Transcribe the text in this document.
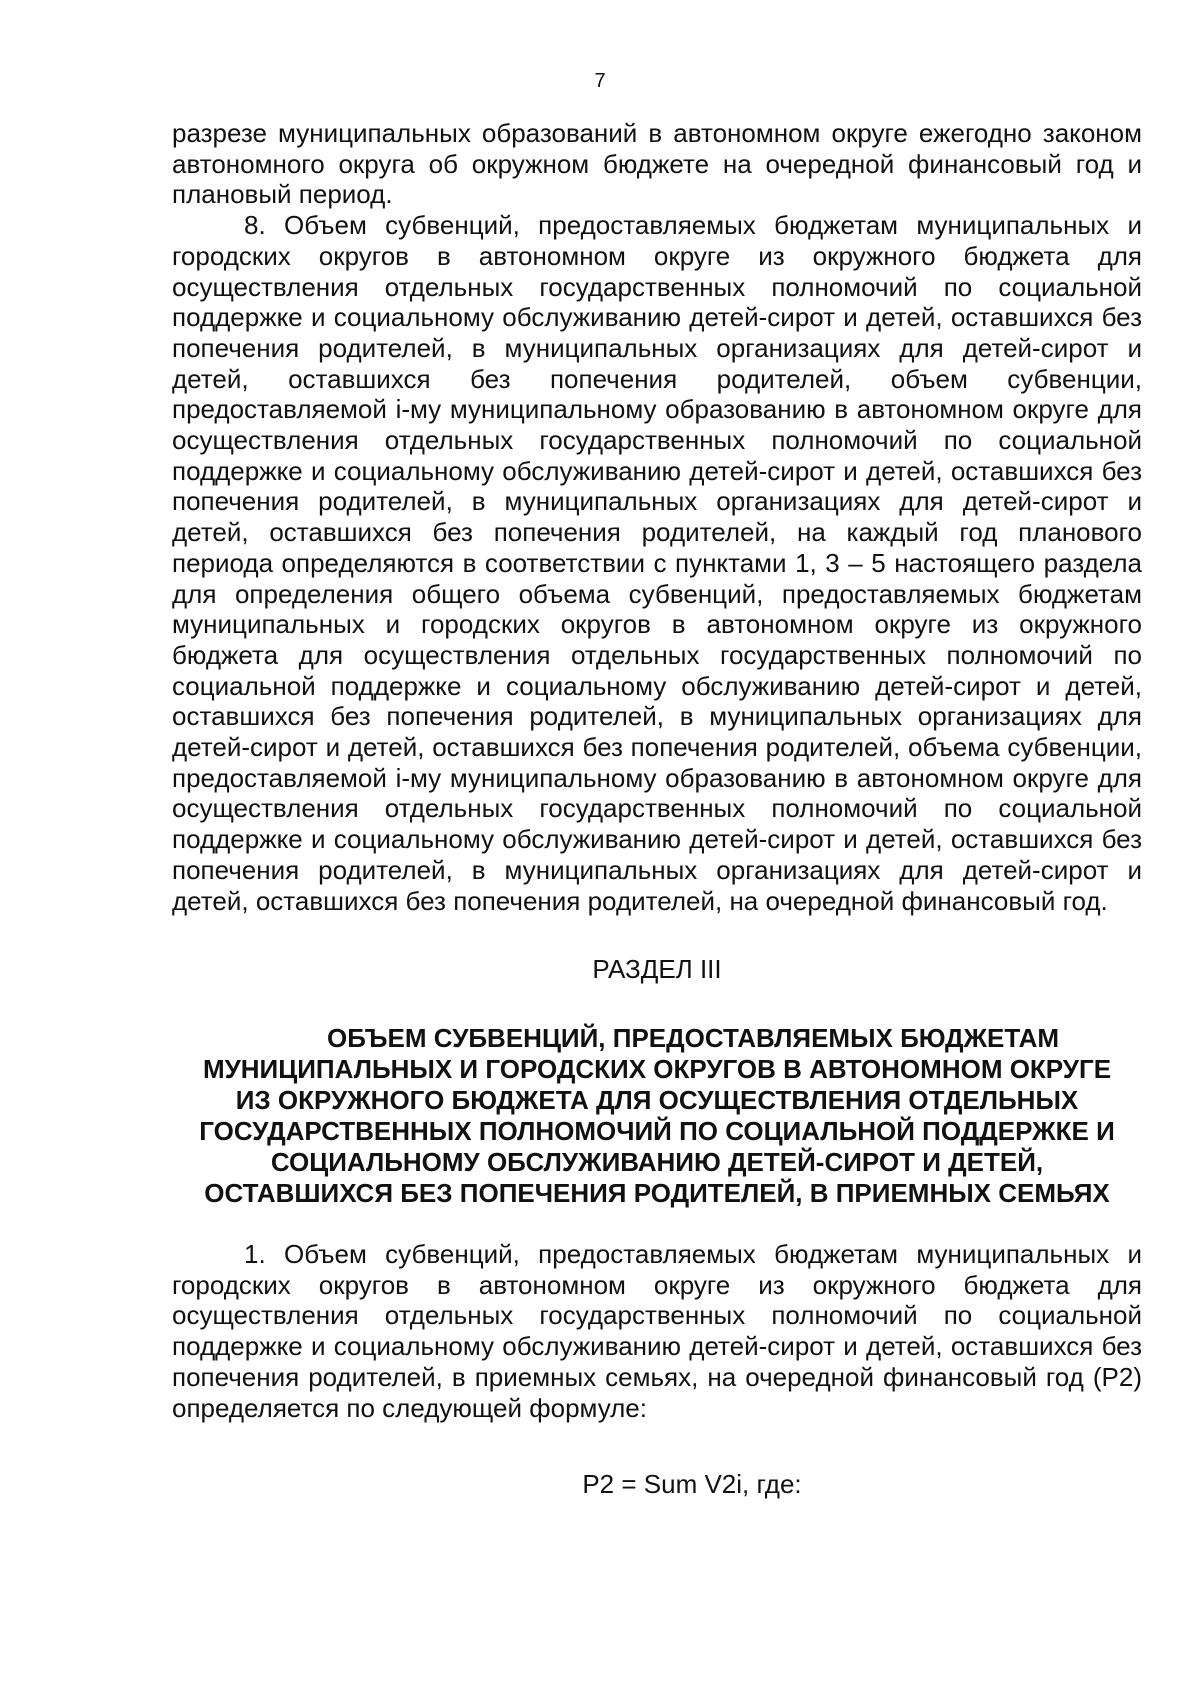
7

разрезе муниципальных образований в автономном округе ежегодно законом автономного округа об окружном бюджете на очередной финансовый год и плановый период.

8. Объем субвенций, предоставляемых бюджетам муниципальных и городских округов в автономном округе из окружного бюджета для осуществления отдельных государственных полномочий по социальной поддержке и социальному обслуживанию детей-сирот и детей, оставшихся без попечения родителей, в муниципальных организациях для детей-сирот и детей, оставшихся без попечения родителей, объем субвенции, предоставляемой i-му муниципальному образованию в автономном округе для осуществления отдельных государственных полномочий по социальной поддержке и социальному обслуживанию детей-сирот и детей, оставшихся без попечения родителей, в муниципальных организациях для детей-сирот и детей, оставшихся без попечения родителей, на каждый год планового периода определяются в соответствии с пунктами 1, 3 – 5 настоящего раздела для определения общего объема субвенций, предоставляемых бюджетам муниципальных и городских округов в автономном округе из окружного бюджета для осуществления отдельных государственных полномочий по социальной поддержке и социальному обслуживанию детей-сирот и детей, оставшихся без попечения родителей, в муниципальных организациях для детей-сирот и детей, оставшихся без попечения родителей, объема субвенции, предоставляемой i-му муниципальному образованию в автономном округе для осуществления отдельных государственных полномочий по социальной поддержке и социальному обслуживанию детей-сирот и детей, оставшихся без попечения родителей, в муниципальных организациях для детей-сирот и детей, оставшихся без попечения родителей, на очередной финансовый год.

РАЗДЕЛ III

ОБЪЕМ СУБВЕНЦИЙ, ПРЕДОСТАВЛЯЕМЫХ БЮДЖЕТАМ МУНИЦИПАЛЬНЫХ И ГОРОДСКИХ ОКРУГОВ В АВТОНОМНОМ ОКРУГЕ ИЗ ОКРУЖНОГО БЮДЖЕТА ДЛЯ ОСУЩЕСТВЛЕНИЯ ОТДЕЛЬНЫХ ГОСУДАРСТВЕННЫХ ПОЛНОМОЧИЙ ПО СОЦИАЛЬНОЙ ПОДДЕРЖКЕ И СОЦИАЛЬНОМУ ОБСЛУЖИВАНИЮ ДЕТЕЙ-СИРОТ И ДЕТЕЙ, ОСТАВШИХСЯ БЕЗ ПОПЕЧЕНИЯ РОДИТЕЛЕЙ, В ПРИЕМНЫХ СЕМЬЯХ

1. Объем субвенций, предоставляемых бюджетам муниципальных и городских округов в автономном округе из окружного бюджета для осуществления отдельных государственных полномочий по социальной поддержке и социальному обслуживанию детей-сирот и детей, оставшихся без попечения родителей, в приемных семьях, на очередной финансовый год (Р2) определяется по следующей формуле:

Р2 = Sum V2i, где:
